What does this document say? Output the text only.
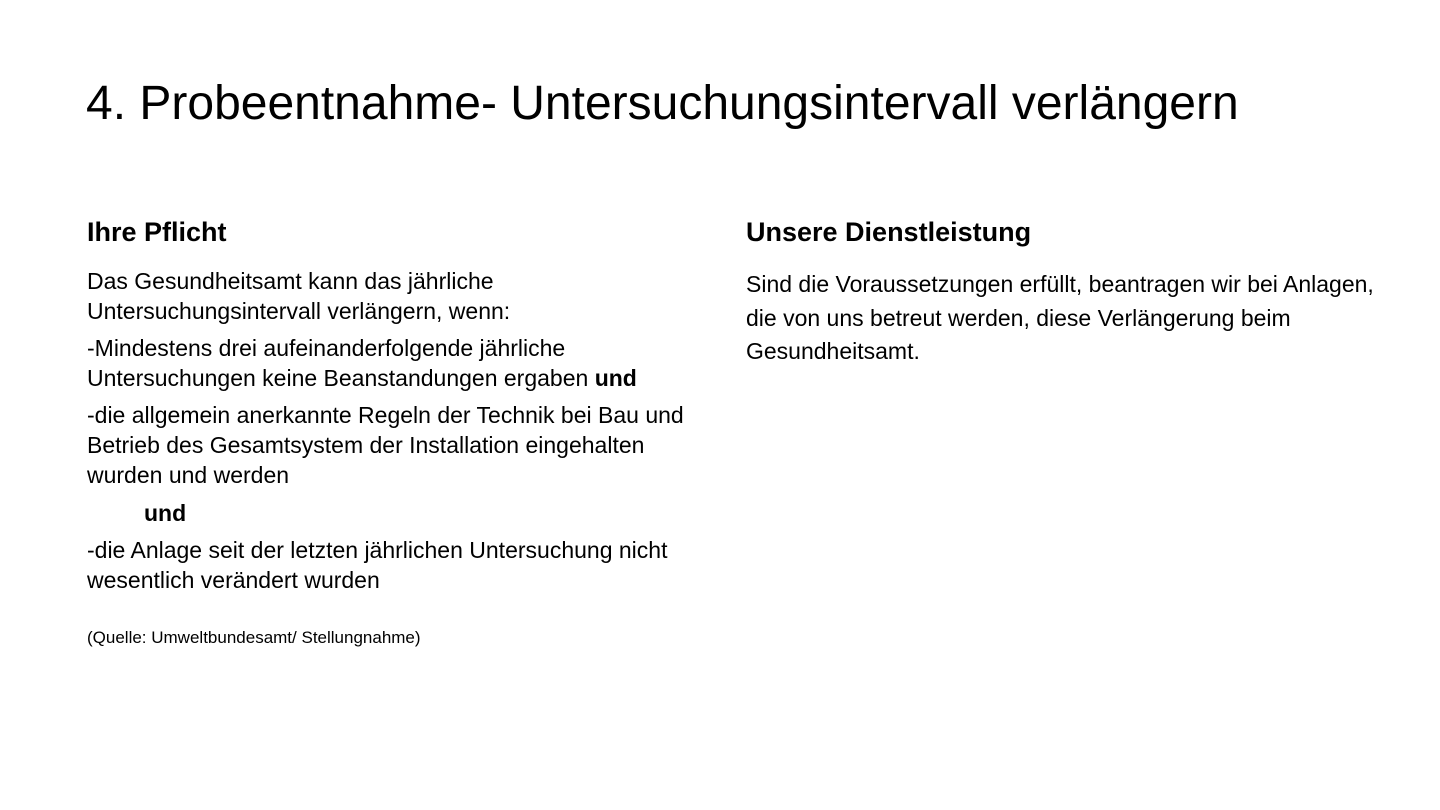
4. Probeentnahme- Untersuchungsintervall verlängern
Ihre Pflicht

Das Gesundheitsamt kann das jährliche Untersuchungsintervall verlängern, wenn:

-Mindestens drei aufeinanderfolgende jährliche Untersuchungen keine Beanstandungen ergaben und

-die allgemein anerkannte Regeln der Technik bei Bau und Betrieb des Gesamtsystem der Installation eingehalten wurden und werden

und

-die Anlage seit der letzten jährlichen Untersuchung nicht wesentlich verändert wurden

(Quelle: Umweltbundesamt/ Stellungnahme)

Unsere Dienstleistung

Sind die Voraussetzungen erfüllt, beantragen wir bei Anlagen, die von uns betreut werden, diese Verlängerung beim Gesundheitsamt.
